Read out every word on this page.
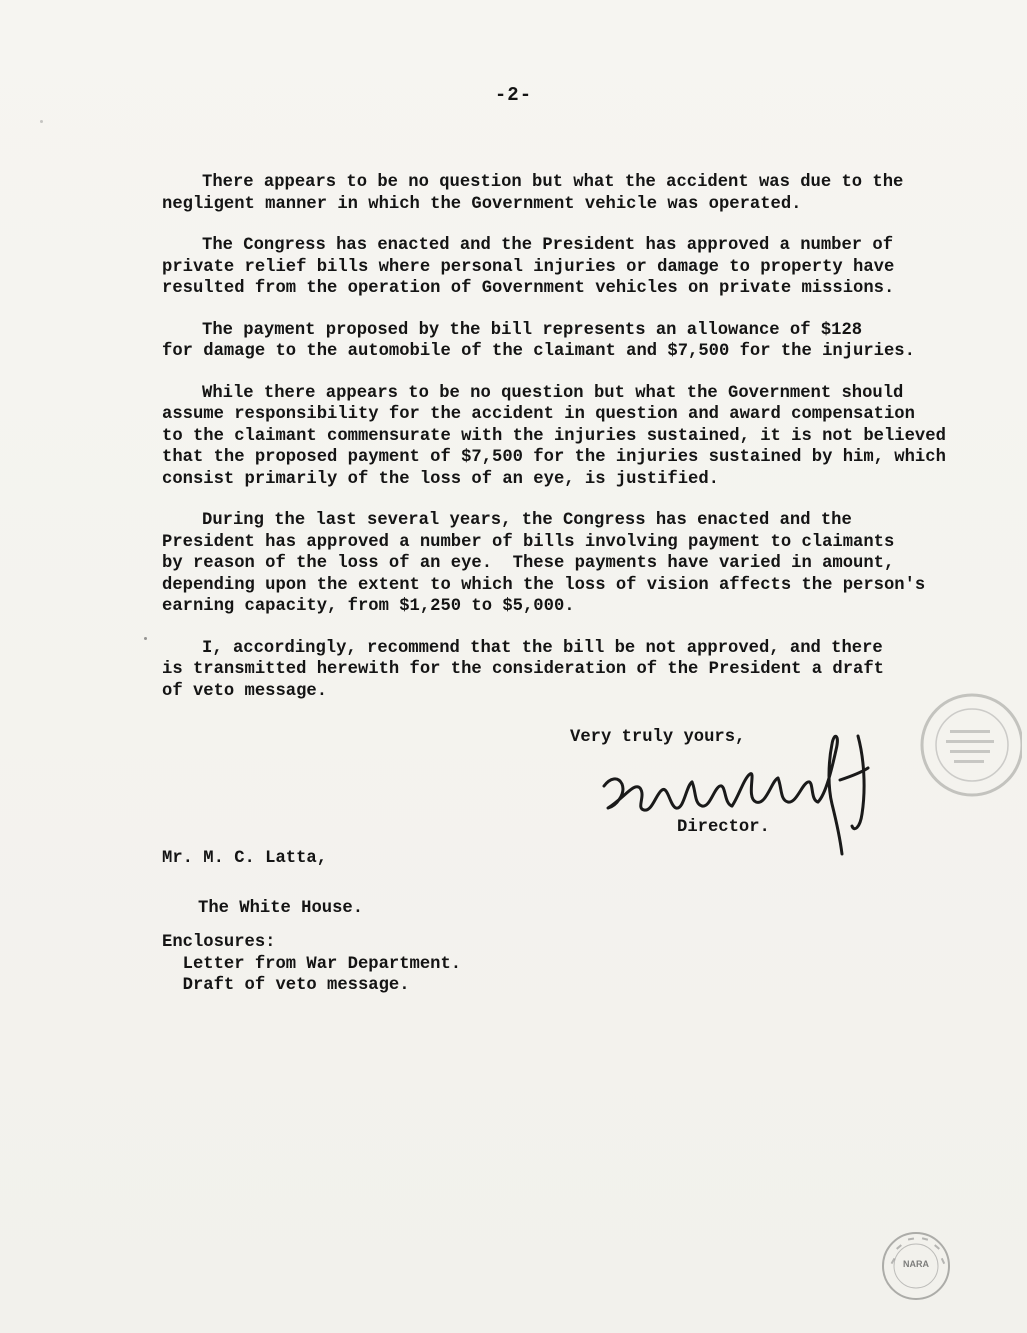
-2-

There appears to be no question but what the accident was due to the
negligent manner in which the Government vehicle was operated.

The Congress has enacted and the President has approved a number of
private relief bills where personal injuries or damage to property have
resulted from the operation of Government vehicles on private missions.

The payment proposed by the bill represents an allowance of $128
for damage to the automobile of the claimant and $7,500 for the injuries.

While there appears to be no question but what the Government should
assume responsibility for the accident in question and award compensation
to the claimant commensurate with the injuries sustained, it is not believed
that the proposed payment of $7,500 for the injuries sustained by him, which
consist primarily of the loss of an eye, is justified.

During the last several years, the Congress has enacted and the
President has approved a number of bills involving payment to claimants
by reason of the loss of an eye.  These payments have varied in amount,
depending upon the extent to which the loss of vision affects the person's
earning capacity, from $1,250 to $5,000.

I, accordingly, recommend that the bill be not approved, and there
is transmitted herewith for the consideration of the President a draft
of veto message.

Very truly yours,
Director.
Mr. M. C. Latta,
The White House.
Enclosures:
Letter from War Department.
Draft of veto message.
NARA
